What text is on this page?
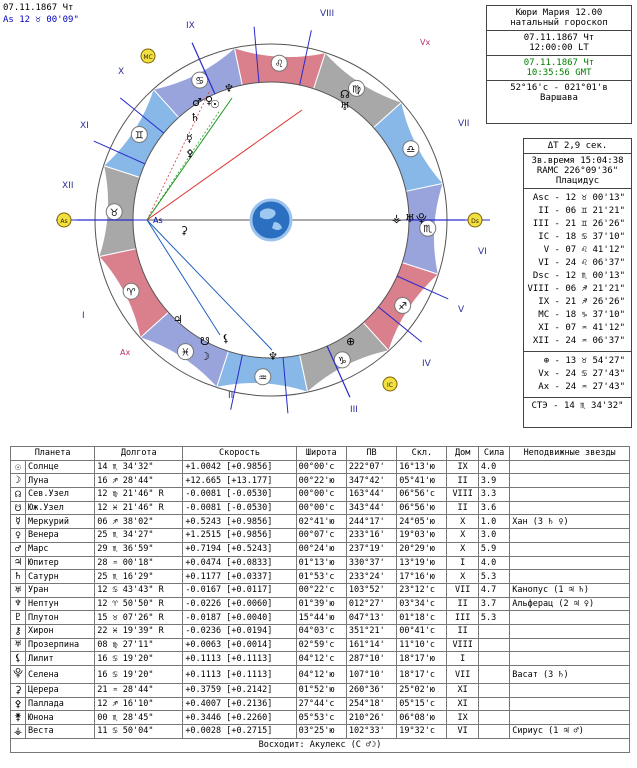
07.11.1867 Чт
As 12 ♉ 00'09"
Кюри Мария 12.00
натальный гороскоп
07.11.1867 Чт
12:00:00 LT
07.11.1867 Чт
10:35:56 GMT
52°16'с - 021°01'в
Варшава
ΔT 2,9 сек.
Зв.время 15:04:38
RAMC 226°09'36"
Плацидус
Asc - 12 ♉ 00'13"
II - 06 ♊ 21'21"
III - 21 ♊ 26'26"
IC - 18 ♋ 37'10"
V - 07 ♌ 41'12"
VI - 24 ♌ 06'37"
Dsc - 12 ♏ 00'13"
VIII - 06 ♐ 21'21"
IX - 21 ♐ 26'26"
MC - 18 ♑ 37'10"
XI - 07 ♒ 41'12"
XII - 24 ♒ 06'37"
⊕ - 13 ♉ 54'27"
Vx - 24 ♋ 27'43"
Ax - 24 ♒ 27'43"
СТЭ - 14 ♏ 34'32"
♈
♉
♊
♋
♌
♍
♎
♏
♐
♑
♒
♓
As
As	Ds
MC
IC
Vx
Ax
I
II
III
IV
V
VI
VII
VIII
IX
X
XI
XII
♆
♂ ♀
♄
☉
☿
⚴
⚳
♃
☋ ⚸
☽	♆
⊕
☊
♅
⚶ ♅ ⯓
Планета		Долгота	Скорость	Широта	ПВ	Скл.	Дом	Сила	Неподвижные звезды
☉	Солнце	14 ♏ 34'32"	+1.0042 [+0.9856]	00°00'с	222°07'	16°13'ю	IX	4.0	
☽	Луна	16 ♐ 28'44"	+12.665 [+13.177]	00°22'ю	347°42'	05°41'ю	II	3.9	
☊	Сев.Узел	12 ♍ 21'46" R	-0.0081 [-0.0530]	00°00'с	163°44'	06°56'с	VIII	3.3	
☋	Юж.Узел	12 ♓ 21'46" R	-0.0081 [-0.0530]	00°00'с	343°44'	06°56'ю	II	3.6	
☿	Меркурий	06 ♐ 38'02"	+0.5243 [+0.9856]	02°41'ю	244°17'	24°05'ю	X	1.0	Хан (3 ♄ ♀)
♀	Венера	25 ♏ 34'27"	+1.2515 [+0.9856]	00°07'с	233°16'	19°03'ю	X	3.0	
♂	Марс	29 ♏ 36'59"	+0.7194 [+0.5243]	00°24'ю	237°19'	20°29'ю	X	5.9	
♃	Юпитер	28 ♒ 00'18"	+0.0474 [+0.0833]	01°13'ю	330°37'	13°19'ю	I	4.0	
♄	Сатурн	25 ♏ 16'29"	+0.1177 [+0.0337]	01°53'с	233°24'	17°16'ю	X	5.3	
♅	Уран	12 ♋ 43'43" R	-0.0167 [+0.0117]	00°22'с	103°52'	23°12'с	VII	4.7	Канопус (1 ♃ ♄)
♆	Нептун	12 ♈ 50'50" R	-0.0226 [+0.0060]	01°39'ю	012°27'	03°34'с	II	3.7	Альферац (2 ♃ ♀)
♇	Плутон	15 ♉ 07'26" R	-0.0187 [+0.0040]	15°44'ю	047°13'	01°18'с	III	5.3	
⚷	Хирон	22 ♓ 19'39" R	-0.0236 [+0.0194]	04°03'с	351°21'	00°41'с	II		
♅	Прозерпина	08 ♍ 27'11"	+0.0063 [+0.0014]	02°59'с	161°14'	11°10'с	VIII		
⚸	Лилит	16 ♋ 19'20"	+0.1113 [+0.1113]	04°12'с	287°10'	18°17'ю	I		
⯓	Селена	16 ♋ 19'20"	+0.1113 [+0.1113]	04°12'ю	107°10'	18°17'с	VII		Васат (3 ♄)
⚳	Церера	21 ♒ 28'44"	+0.3759 [+0.2142]	01°52'ю	260°36'	25°02'ю	XI		
⚴	Паллада	12 ♐ 16'10"	+0.4007 [+0.2136]	27°44'с	254°18'	05°15'с	XI		
⚵	Юнона	00 ♏ 28'45"	+0.3446 [+0.2260]	05°53'с	210°26'	06°08'ю	IX		
⚶	Веста	11 ♋ 50'04"	+0.0028 [+0.2715]	03°25'ю	102°33'	19°32'с	VI		Сириус (1 ♃ ♂)
Восходит: Акулекс (С ♂☽)
